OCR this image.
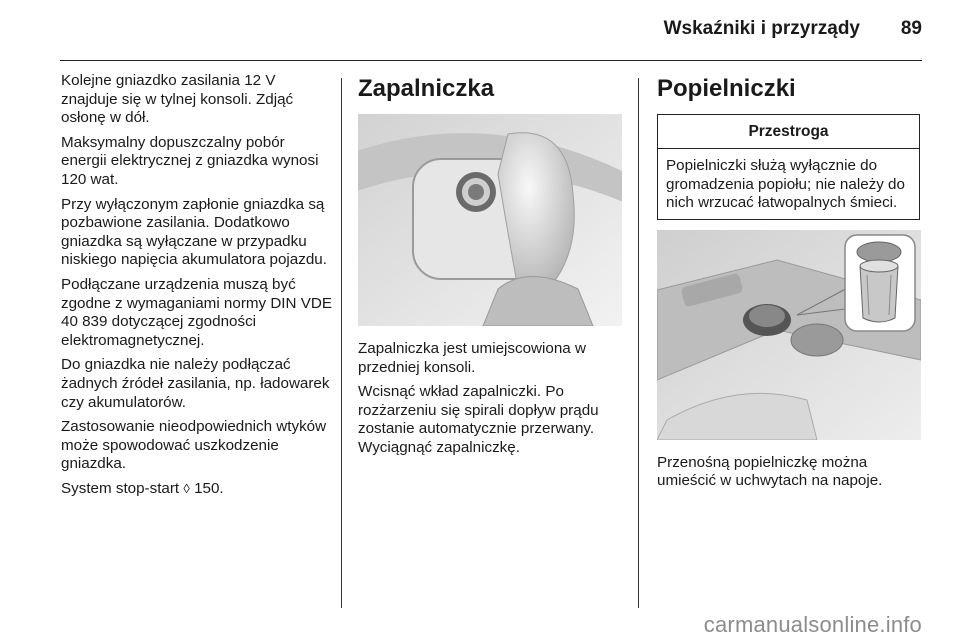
Wskaźniki i przyrządy 89

Kolejne gniazdko zasilania 12 V znajduje się w tylnej konsoli. Zdjąć osłonę w dół.

Maksymalny dopuszczalny pobór energii elektrycznej z gniazdka wynosi 120 wat.

Przy wyłączonym zapłonie gniazdka są pozbawione zasilania. Dodatkowo gniazdka są wyłączane w przypadku niskiego napięcia akumulatora pojazdu.

Podłączane urządzenia muszą być zgodne z wymaganiami normy DIN VDE 40 839 dotyczącej zgodności elektromagnetycznej.

Do gniazdka nie należy podłączać żadnych źródeł zasilania, np. ładowarek czy akumulatorów.

Zastosowanie nieodpowiednich wtyków może spowodować uszkodzenie gniazdka.

System stop-start ◊ 150.

Zapalniczka

Zapalniczka jest umiejscowiona w przedniej konsoli.

Wcisnąć wkład zapalniczki. Po rozżarzeniu się spirali dopływ prądu zostanie automatycznie przerwany. Wyciągnąć zapalniczkę.

Popielniczki
Przestroga

Popielniczki służą wyłącznie do gromadzenia popiołu; nie należy do nich wrzucać łatwopalnych śmieci.

Przenośną popielniczkę można umieścić w uchwytach na napoje.

carmanualsonline.info
